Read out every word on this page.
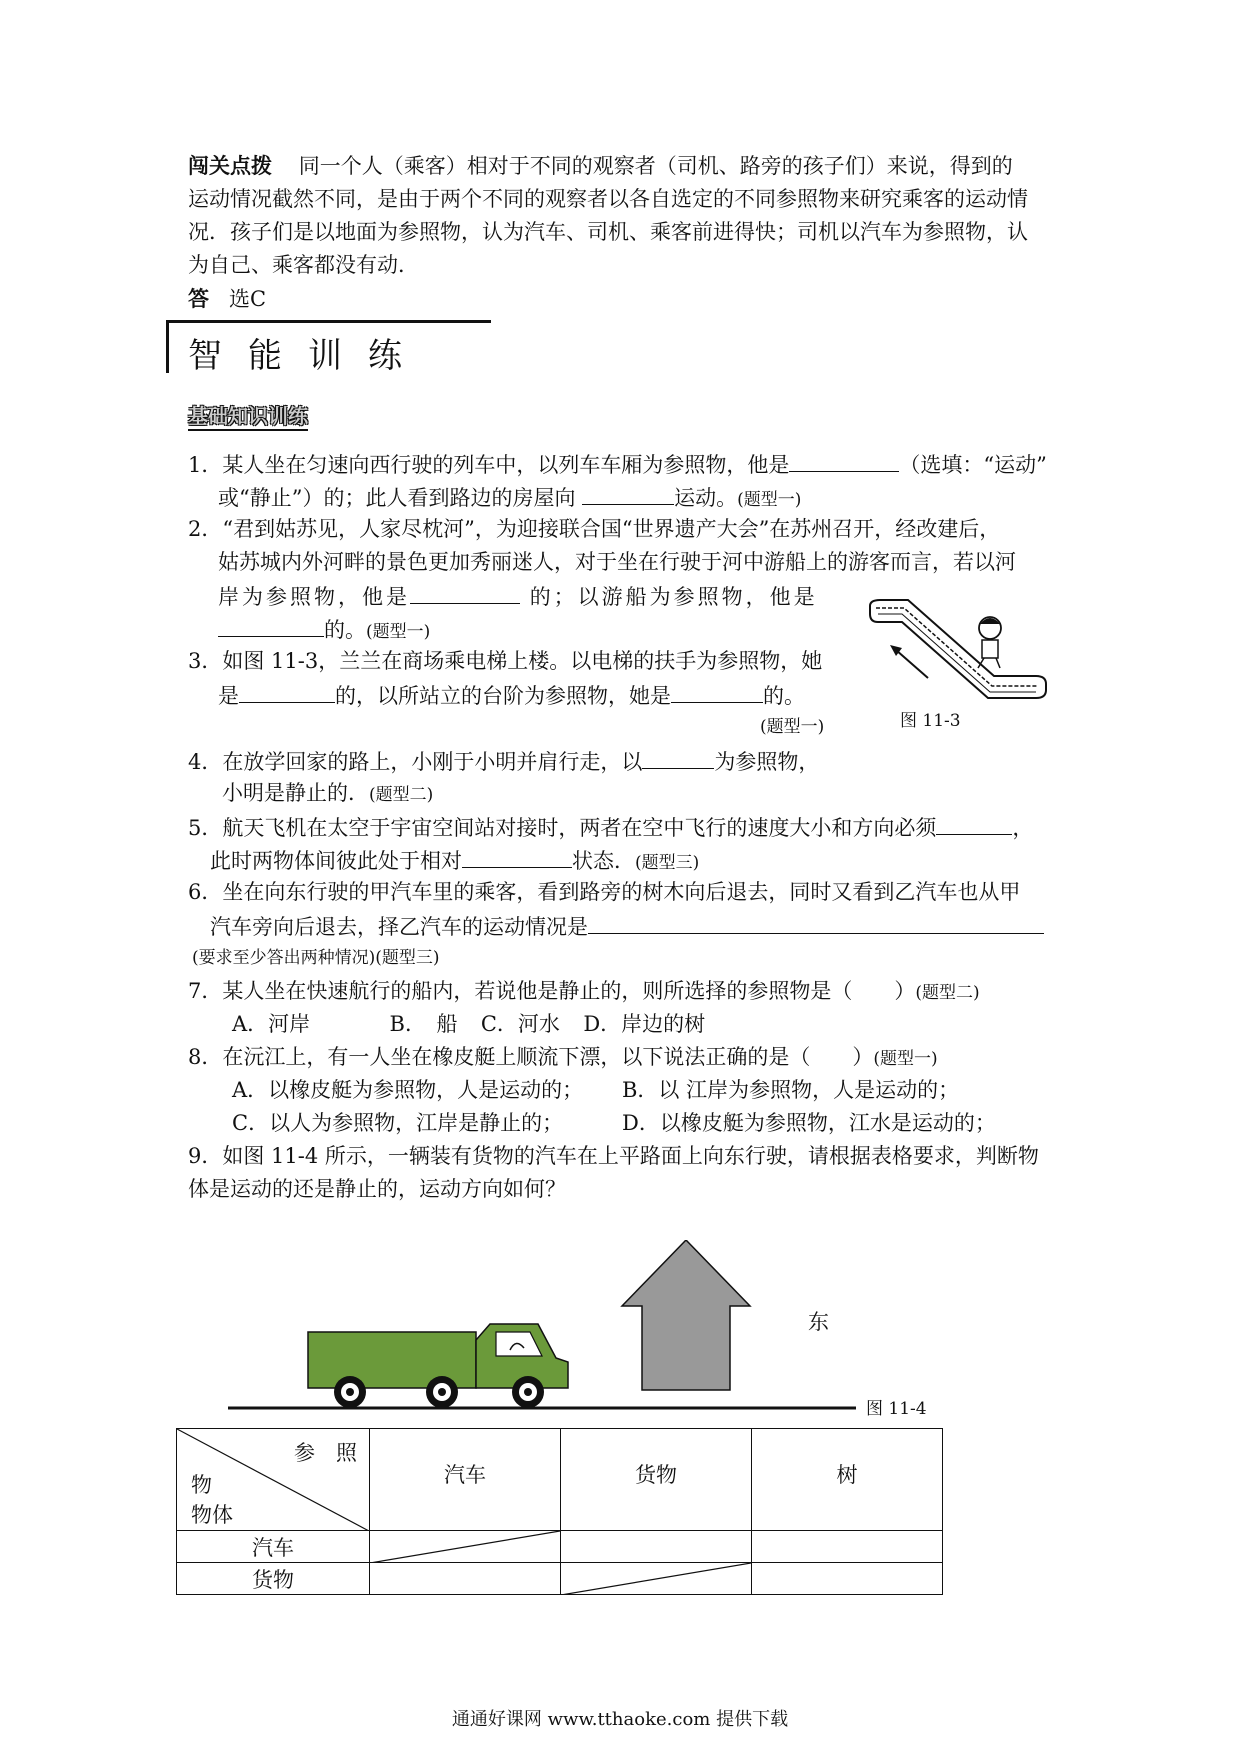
闯关点拨 同一个人（乘客）相对于不同的观察者（司机、路旁的孩子们）来说，得到的
运动情况截然不同，是由于两个不同的观察者以各自选定的不同参照物来研究乘客的运动情
况．孩子们是以地面为参照物，认为汽车、司机、乘客前进得快；司机以汽车为参照物，认
为自己、乘客都没有动．
答 选C
智能训练
基础知识训练
1．某人坐在匀速向西行驶的列车中，以列车车厢为参照物，他是	（选填：“运动”
或“静止”）的；此人看到路边的房屋向	运动。(题型一)
2．“君到姑苏见，人家尽枕河”，为迎接联合国“世界遗产大会”在苏州召开，经改建后，
姑苏城内外河畔的景色更加秀丽迷人，对于坐在行驶于河中游船上的游客而言，若以河
岸为参照物，他是	的；以游船为参照物，他是
的。(题型一)
3．如图 11-3，兰兰在商场乘电梯上楼。以电梯的扶手为参照物，她
是	的，以所站立的台阶为参照物，她是	的。
(题型一)	图 11-3
4．在放学回家的路上，小刚于小明并肩行走，以	为参照物，
小明是静止的．(题型二)
5．航天飞机在太空于宇宙空间站对接时，两者在空中飞行的速度大小和方向必须	，
此时两物体间彼此处于相对	状态．(题型三)
6．坐在向东行驶的甲汽车里的乘客，看到路旁的树木向后退去，同时又看到乙汽车也从甲
汽车旁向后退去，择乙汽车的运动情况是
(要求至少答出两种情况)(题型三)
7．某人坐在快速航行的船内，若说他是静止的，则所选择的参照物是（　　）(题型二)
A．河岸	B．　船 C．河水 D．岸边的树
8．在沅江上，有一人坐在橡皮艇上顺流下漂，以下说法正确的是（　　）(题型一)
A．以橡皮艇为参照物，人是运动的； B．以 江岸为参照物，人是运动的；
C．以人为参照物，江岸是静止的；	D．以橡皮艇为参照物，江水是运动的；
9．如图 11-4 所示，一辆装有货物的汽车在上平路面上向东行驶，请根据表格要求，判断物
体是运动的还是静止的，运动方向如何？
东
图 11-4
参　照
物
物体	汽车	货物	树
汽车	

货物		

通通好课网 www.tthaoke.com 提供下载
